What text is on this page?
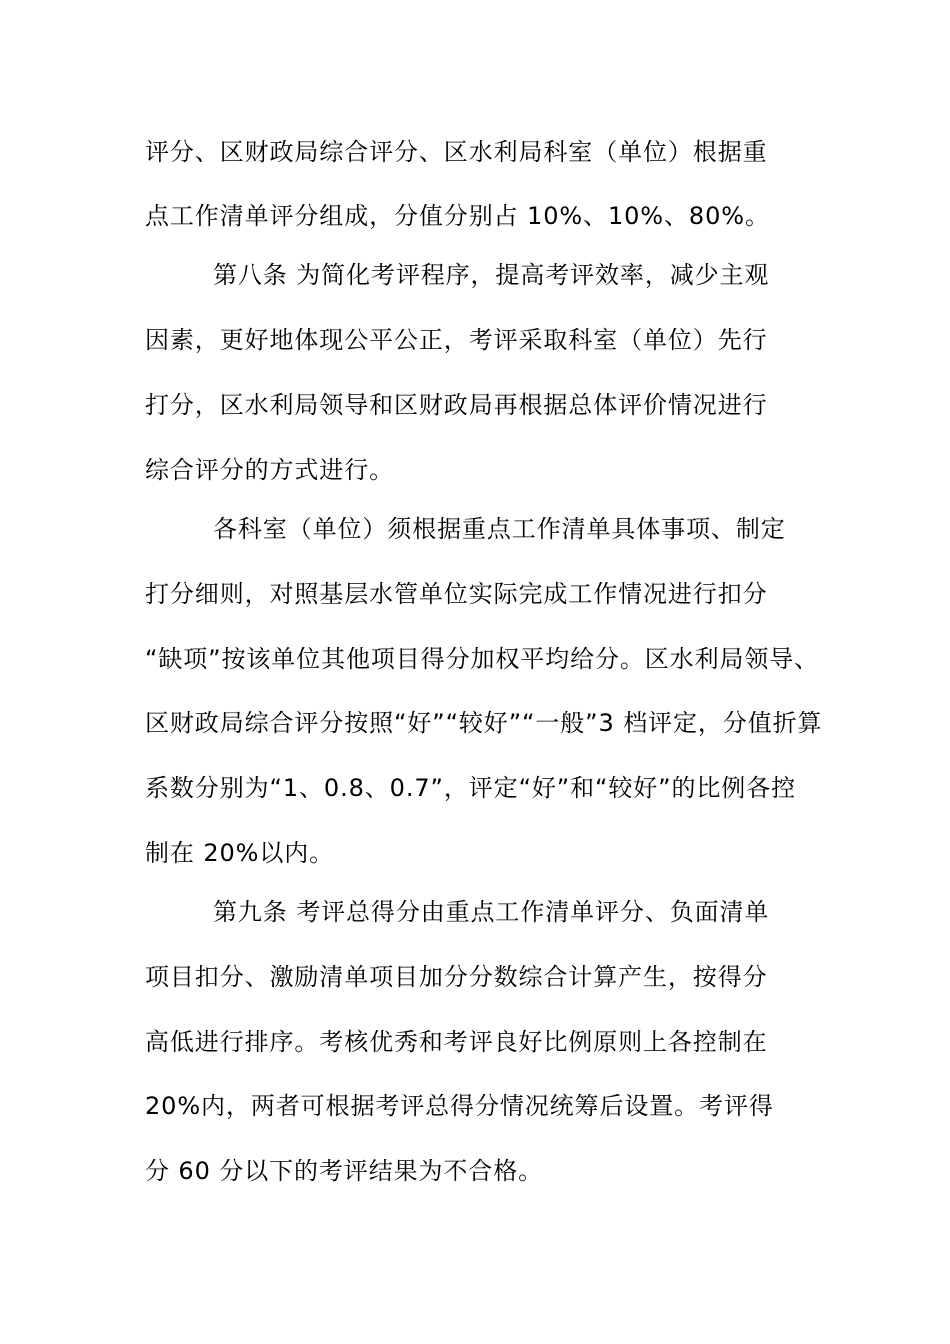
评分、区财政局综合评分、区水利局科室（单位）根据重
点工作清单评分组成，分值分别占 10%、10%、80%。
第八条 为简化考评程序，提高考评效率，减少主观
因素，更好地体现公平公正，考评采取科室（单位）先行
打分，区水利局领导和区财政局再根据总体评价情况进行
综合评分的方式进行。
各科室（单位）须根据重点工作清单具体事项、制定
打分细则，对照基层水管单位实际完成工作情况进行扣分
“缺项”按该单位其他项目得分加权平均给分。区水利局领导、
区财政局综合评分按照“好”“较好”“一般”3 档评定，分值折算
系数分别为“1、0.8、0.7”，评定“好”和“较好”的比例各控
制在 20%以内。
第九条 考评总得分由重点工作清单评分、负面清单
项目扣分、激励清单项目加分分数综合计算产生，按得分
高低进行排序。考核优秀和考评良好比例原则上各控制在
20%内，两者可根据考评总得分情况统筹后设置。考评得
分 60 分以下的考评结果为不合格。
